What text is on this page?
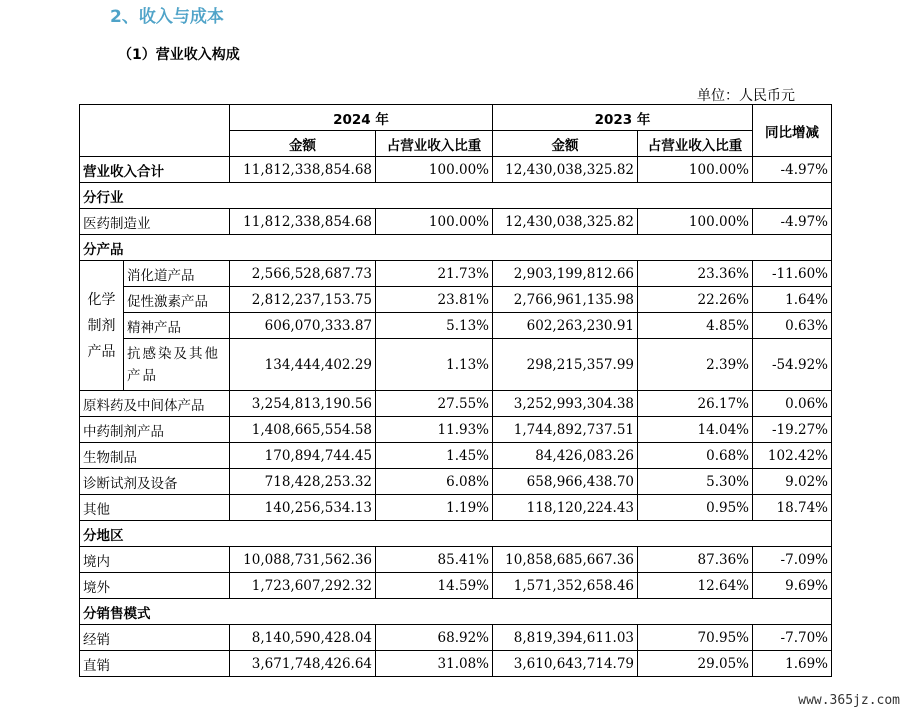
2、收入与成本
（1）营业收入构成
单位：人民币元
		2024 年		2023 年		同比增减
		金额	占营业收入比重	金额	占营业收入比重	
营业收入合计		11,812,338,854.68	100.00%	12,430,038,325.82	100.00%	-4.97%
分行业						
医药制造业		11,812,338,854.68	100.00%	12,430,038,325.82	100.00%	-4.97%
分产品						
化学制剂产品	消化道产品	2,566,528,687.73	21.73%	2,903,199,812.66	23.36%	-11.60%
	促性激素产品	2,812,237,153.75	23.81%	2,766,961,135.98	22.26%	1.64%
	精神产品	606,070,333.87	5.13%	602,263,230.91	4.85%	0.63%
	抗感染及其他产品	134,444,402.29	1.13%	298,215,357.99	2.39%	-54.92%
原料药及中间体产品		3,254,813,190.56	27.55%	3,252,993,304.38	26.17%	0.06%
中药制剂产品		1,408,665,554.58	11.93%	1,744,892,737.51	14.04%	-19.27%
生物制品		170,894,744.45	1.45%	84,426,083.26	0.68%	102.42%
诊断试剂及设备		718,428,253.32	6.08%	658,966,438.70	5.30%	9.02%
其他		140,256,534.13	1.19%	118,120,224.43	0.95%	18.74%
分地区						
境内		10,088,731,562.36	85.41%	10,858,685,667.36	87.36%	-7.09%
境外		1,723,607,292.32	14.59%	1,571,352,658.46	12.64%	9.69%
分销售模式						
经销		8,140,590,428.04	68.92%	8,819,394,611.03	70.95%	-7.70%
直销		3,671,748,426.64	31.08%	3,610,643,714.79	29.05%	1.69%
www.365jz.com
